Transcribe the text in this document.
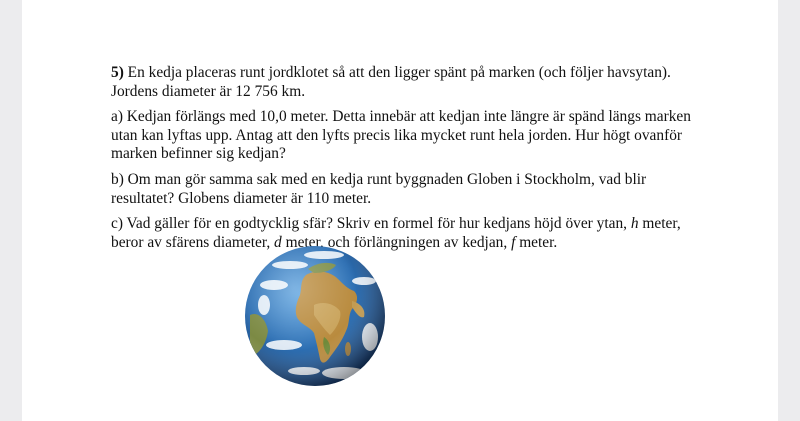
5) En kedja placeras runt jordklotet så att den ligger spänt på marken (och följer havsytan). Jordens diameter är 12 756 km.

a) Kedjan förlängs med 10,0 meter. Detta innebär att kedjan inte längre är spänd längs marken utan kan lyftas upp. Antag att den lyfts precis lika mycket runt hela jorden. Hur högt ovanför marken befinner sig kedjan?

b) Om man gör samma sak med en kedja runt byggnaden Globen i Stockholm, vad blir resultatet? Globens diameter är 110 meter.

c) Vad gäller för en godtycklig sfär? Skriv en formel för hur kedjans höjd över ytan, h meter, beror av sfärens diameter, d meter, och förlängningen av kedjan, f meter.
